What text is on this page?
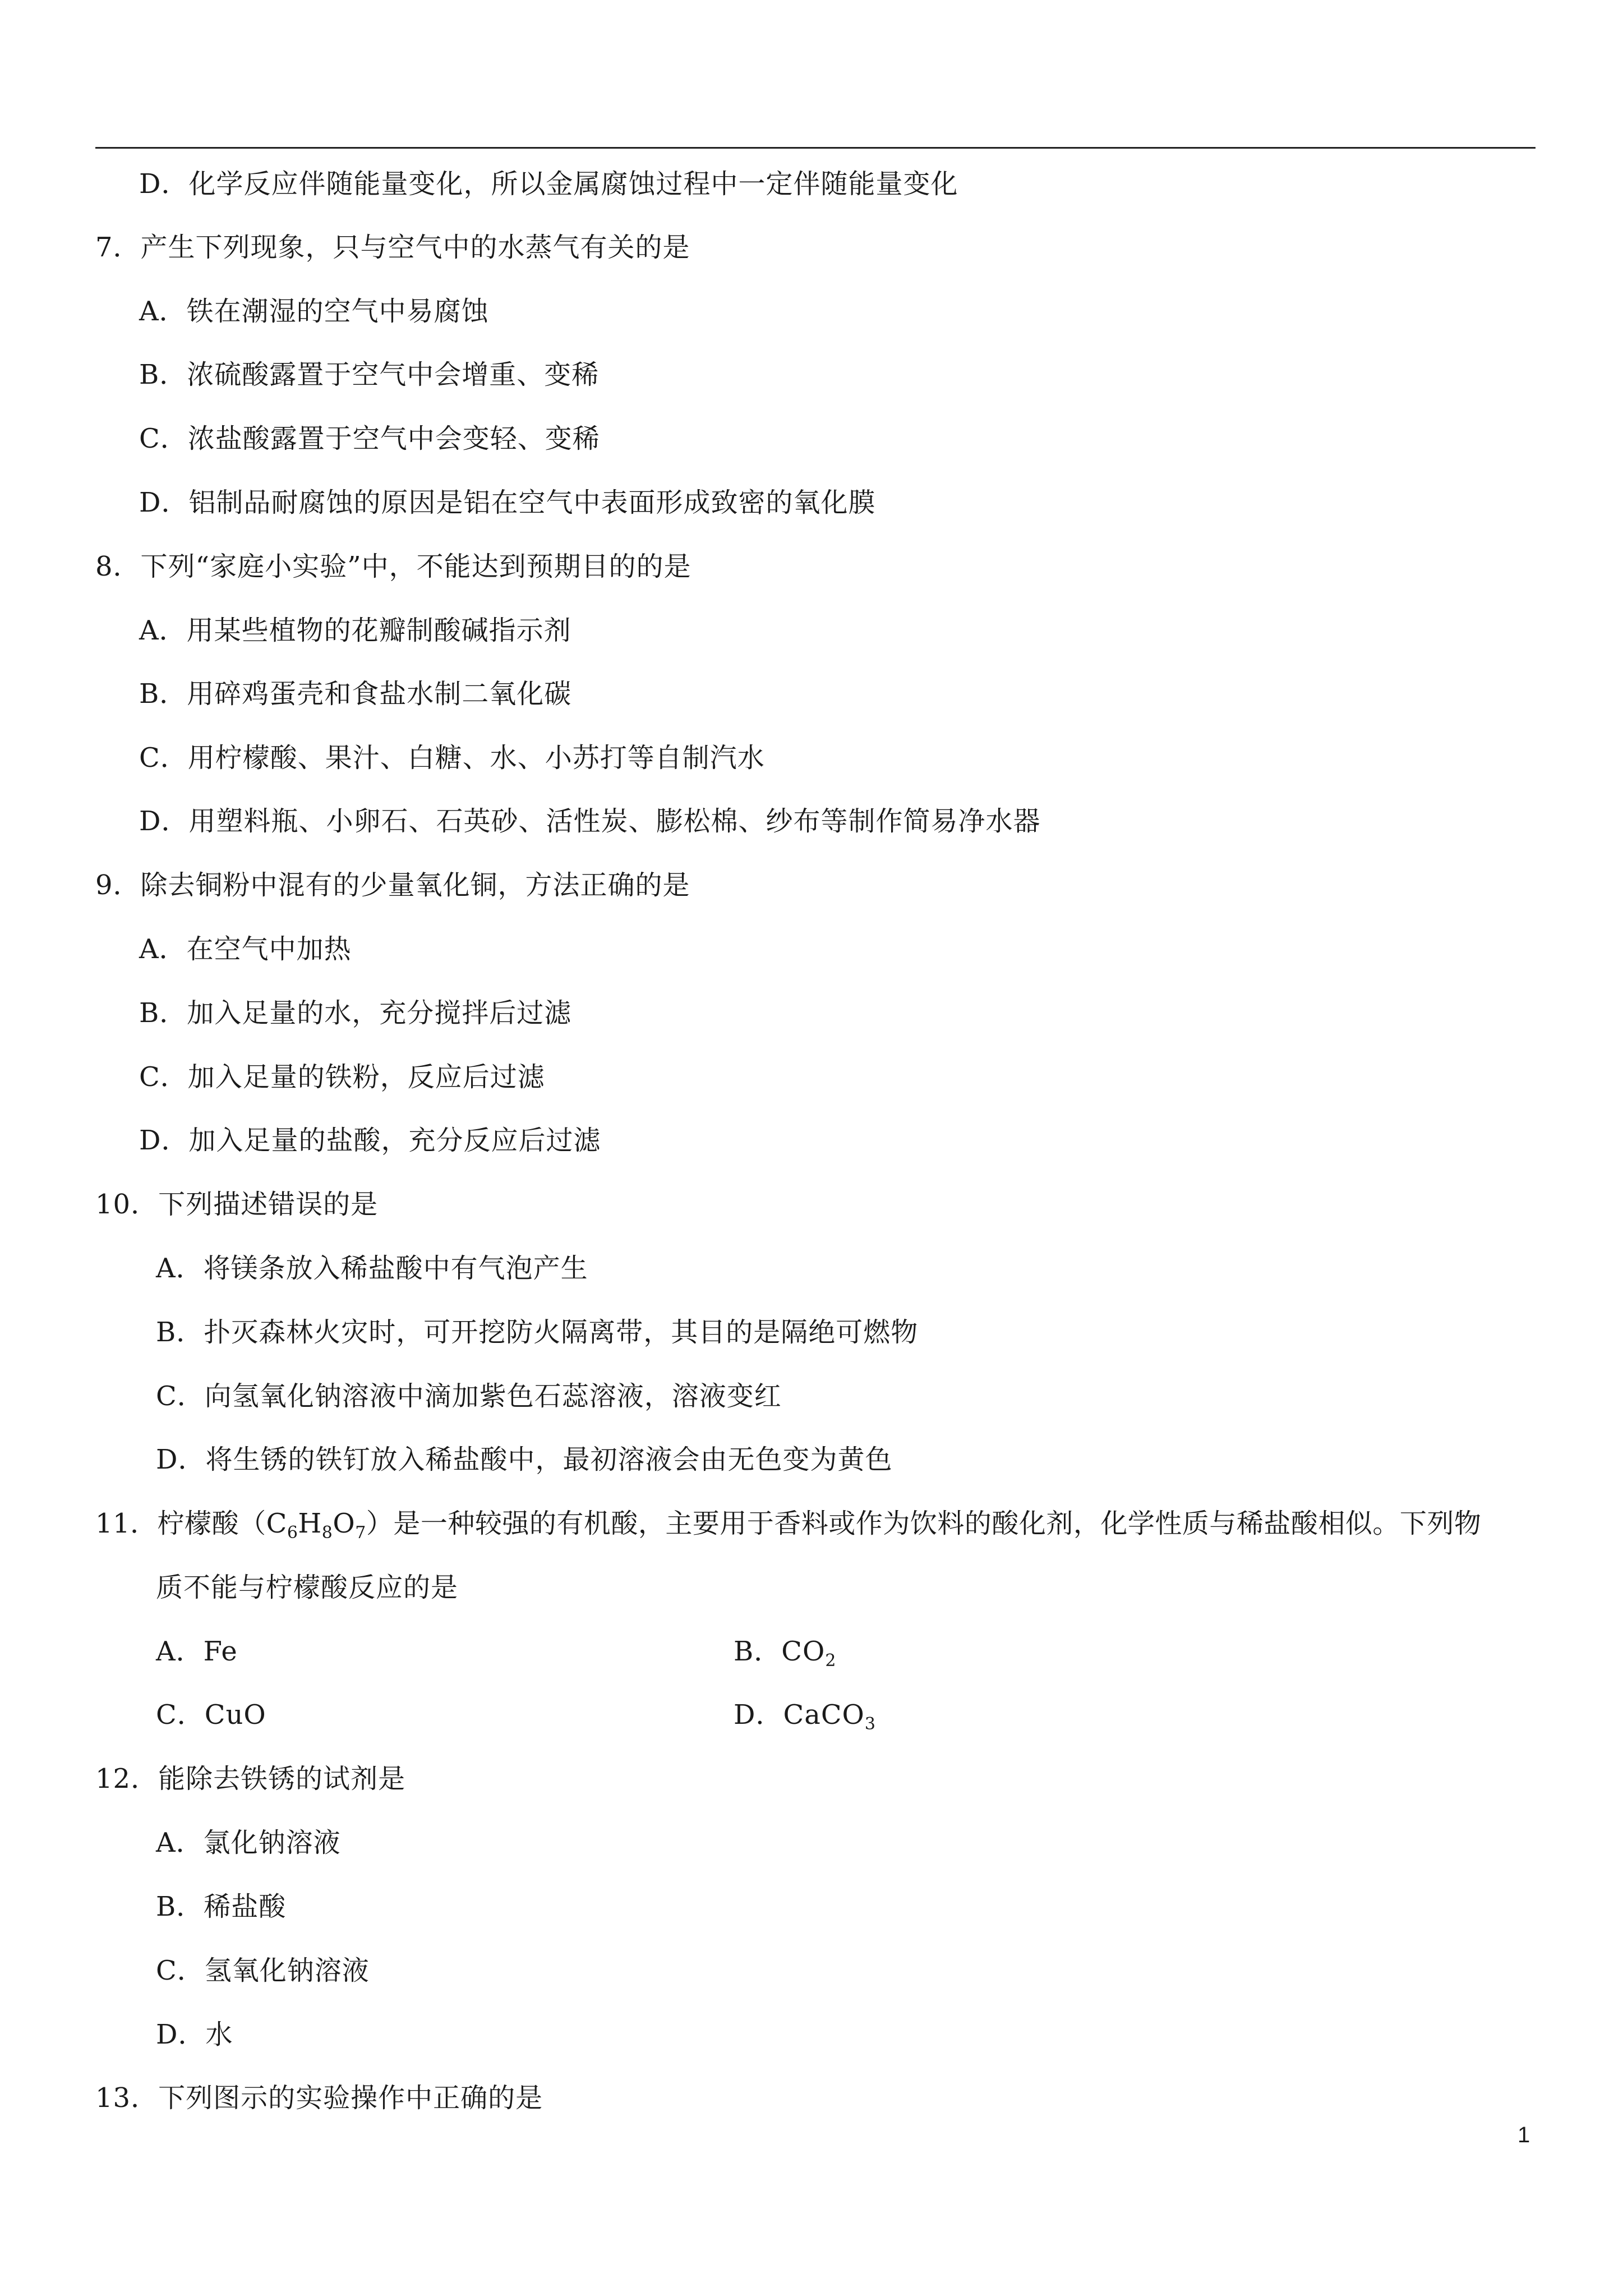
D．化学反应伴随能量变化，所以金属腐蚀过程中一定伴随能量变化
7．产生下列现象，只与空气中的水蒸气有关的是
A．铁在潮湿的空气中易腐蚀
B．浓硫酸露置于空气中会增重、变稀
C．浓盐酸露置于空气中会变轻、变稀
D．铝制品耐腐蚀的原因是铝在空气中表面形成致密的氧化膜
8．下列“家庭小实验”中，不能达到预期目的的是
A．用某些植物的花瓣制酸碱指示剂
B．用碎鸡蛋壳和食盐水制二氧化碳
C．用柠檬酸、果汁、白糖、水、小苏打等自制汽水
D．用塑料瓶、小卵石、石英砂、活性炭、膨松棉、纱布等制作简易净水器
9．除去铜粉中混有的少量氧化铜，方法正确的是
A．在空气中加热
B．加入足量的水，充分搅拌后过滤
C．加入足量的铁粉，反应后过滤
D．加入足量的盐酸，充分反应后过滤
10．下列描述错误的是
A．将镁条放入稀盐酸中有气泡产生
B．扑灭森林火灾时，可开挖防火隔离带，其目的是隔绝可燃物
C．向氢氧化钠溶液中滴加紫色石蕊溶液，溶液变红
D．将生锈的铁钉放入稀盐酸中，最初溶液会由无色变为黄色
11．柠檬酸$(C_6H_8O_7)$是一种较强的有机酸，主要用于香料或作为饮料的酸化剂，化学性质与稀盐酸相似。下列物
质不能与柠檬酸反应的是
A．Fe	B．$CO_2$
C．CuO	D．CaCO$_3$
12．能除去铁锈的试剂是
A．氯化钠溶液
B．稀盐酸
C．氢氧化钠溶液
D．水
13．下列图示的实验操作中正确的是
1
